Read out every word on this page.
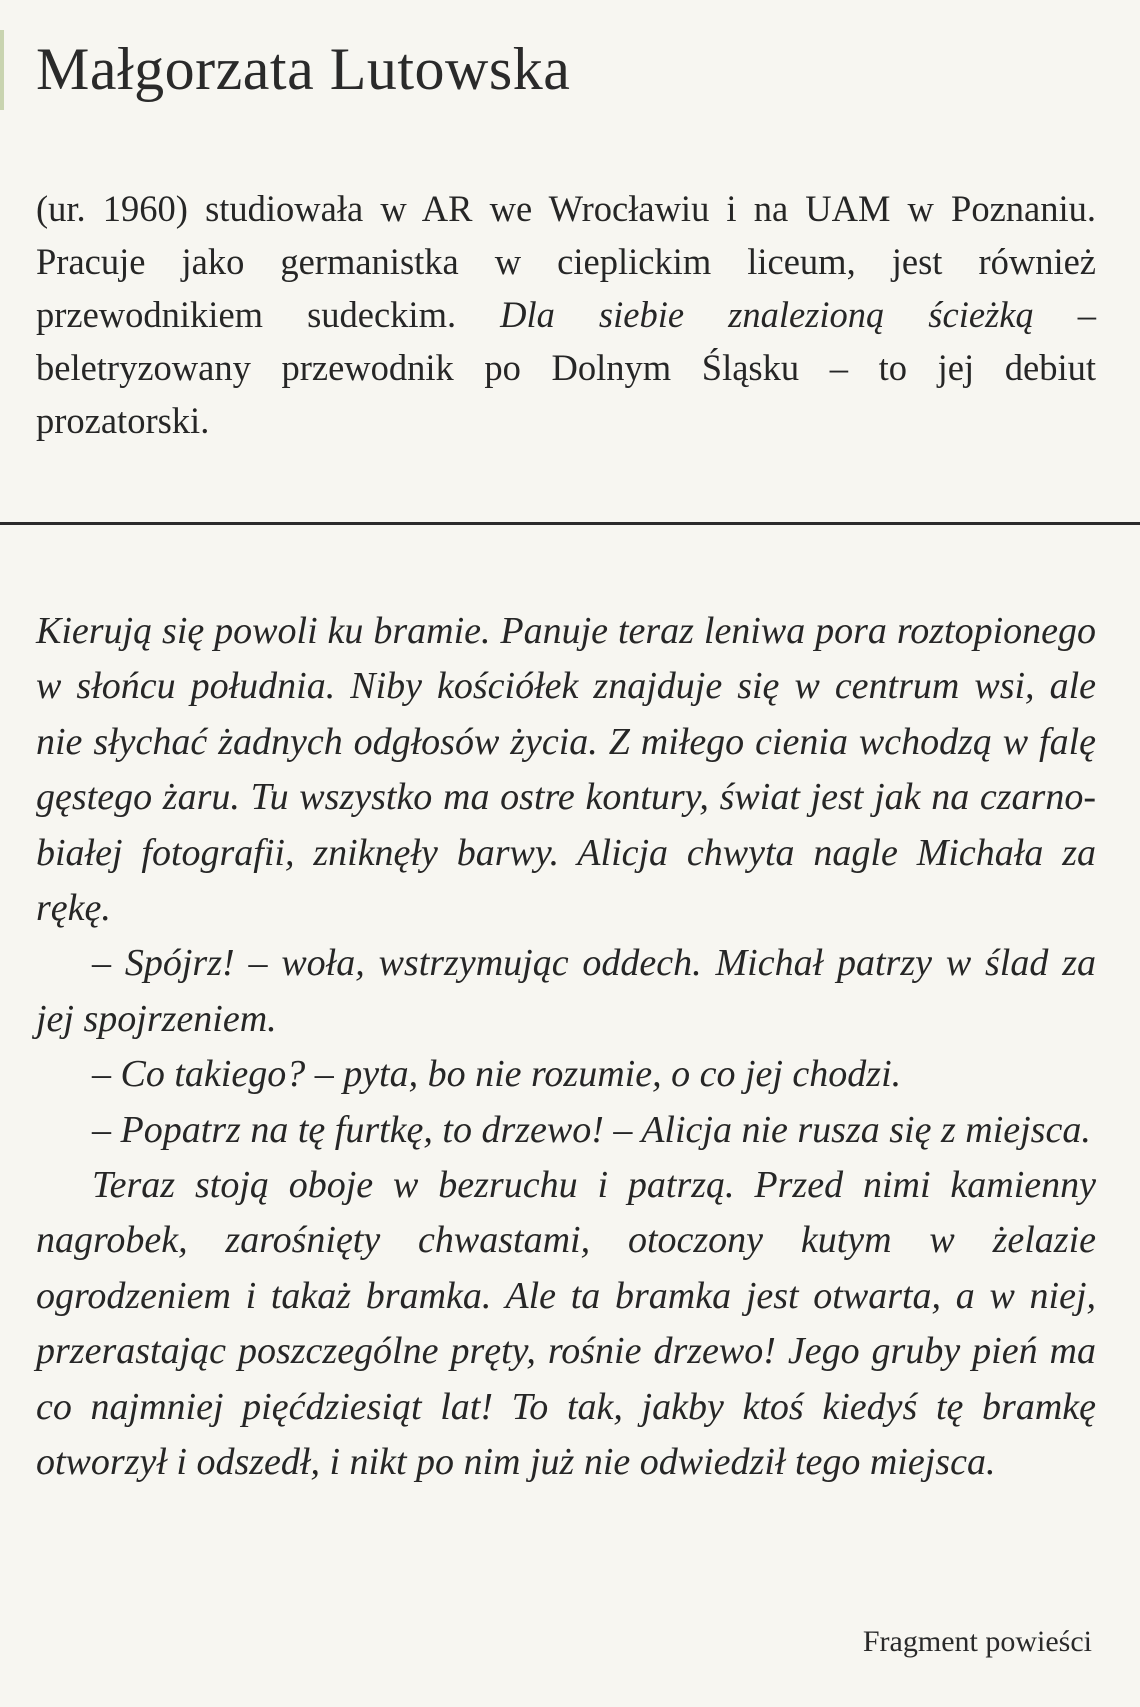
Małgorzata Lutowska

(ur. 1960) studiowała w AR we Wrocławiu i na UAM w Poznaniu. Pracuje jako germanistka w cieplickim liceum, jest również przewodnikiem sudeckim. Dla siebie znalezioną ścieżką – beletryzowany przewodnik po Dolnym Śląsku – to jej debiut prozatorski.

Kierują się powoli ku bramie. Panuje teraz leniwa pora roztopionego w słońcu południa. Niby kościółek znajduje się w centrum wsi, ale nie słychać żadnych odgłosów życia. Z miłego cienia wchodzą w falę gęstego żaru. Tu wszystko ma ostre kontury, świat jest jak na czarno-białej fotografii, zniknęły barwy. Alicja chwyta nagle Michała za rękę.

– Spójrz! – woła, wstrzymując oddech. Michał patrzy w ślad za jej spojrzeniem.

– Co takiego? – pyta, bo nie rozumie, o co jej chodzi.

– Popatrz na tę furtkę, to drzewo! – Alicja nie rusza się z miejsca.

Teraz stoją oboje w bezruchu i patrzą. Przed nimi kamienny nagrobek, zarośnięty chwastami, otoczony kutym w żelazie ogrodzeniem i takaż bramka. Ale ta bramka jest otwarta, a w niej, przerastając poszczególne pręty, rośnie drzewo! Jego gruby pień ma co najmniej pięćdziesiąt lat! To tak, jakby ktoś kiedyś tę bramkę otworzył i odszedł, i nikt po nim już nie odwiedził tego miejsca.

Fragment powieści
